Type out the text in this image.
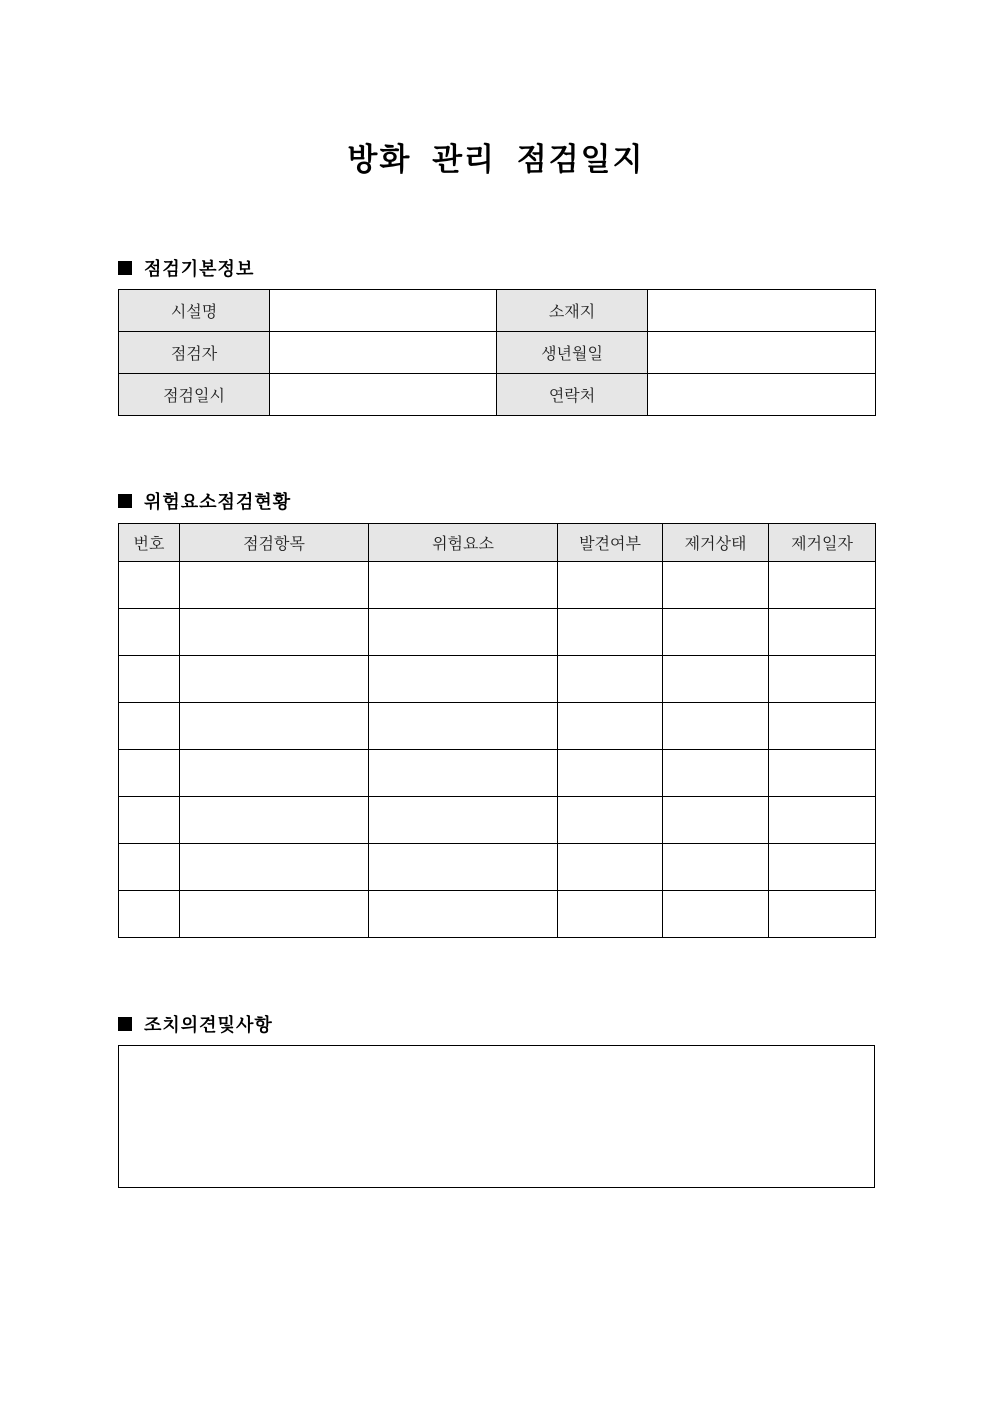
방화 관리 점검일지
점검기본정보
시설명		소재지	
점검자		생년월일	
점검일시		연락처	
위험요소점검현황
번호	점검항목	위험요소	발견여부	제거상태	제거일자

조치의견및사항
